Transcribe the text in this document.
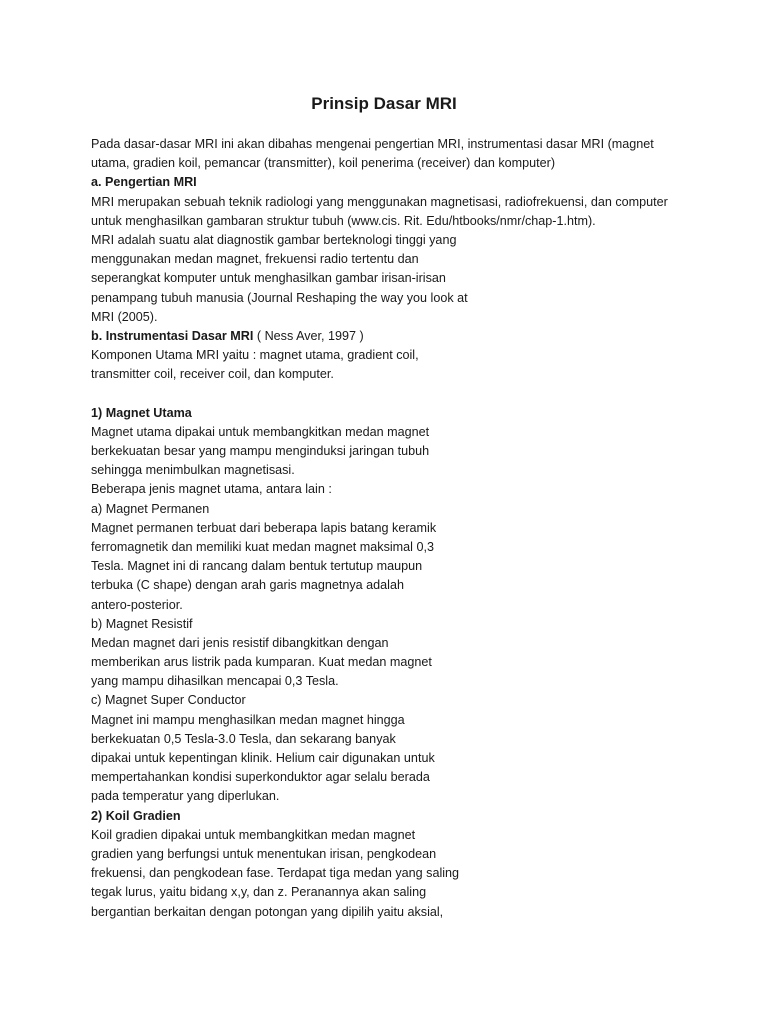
Prinsip Dasar MRI
Pada dasar-dasar MRI ini akan dibahas mengenai pengertian MRI, instrumentasi dasar MRI (magnet
utama, gradien koil, pemancar (transmitter), koil penerima (receiver) dan komputer)
a. Pengertian MRI
MRI merupakan sebuah teknik radiologi yang menggunakan magnetisasi, radiofrekuensi, dan computer
untuk menghasilkan gambaran struktur tubuh (www.cis. Rit. Edu/htbooks/nmr/chap-1.htm).
MRI adalah suatu alat diagnostik gambar berteknologi tinggi yang
menggunakan medan magnet, frekuensi radio tertentu dan
seperangkat komputer untuk menghasilkan gambar irisan-irisan
penampang tubuh manusia (Journal Reshaping the way you look at
MRI (2005).
b. Instrumentasi Dasar MRI ( Ness Aver, 1997 )
Komponen Utama MRI yaitu : magnet utama, gradient coil,
transmitter coil, receiver coil, dan komputer.
1) Magnet Utama
Magnet utama dipakai untuk membangkitkan medan magnet
berkekuatan besar yang mampu menginduksi jaringan tubuh
sehingga menimbulkan magnetisasi.
Beberapa jenis magnet utama, antara lain :
a) Magnet Permanen
Magnet permanen terbuat dari beberapa lapis batang keramik
ferromagnetik dan memiliki kuat medan magnet maksimal 0,3
Tesla. Magnet ini di rancang dalam bentuk tertutup maupun
terbuka (C shape) dengan arah garis magnetnya adalah
antero-posterior.
b) Magnet Resistif
Medan magnet dari jenis resistif dibangkitkan dengan
memberikan arus listrik pada kumparan. Kuat medan magnet
yang mampu dihasilkan mencapai 0,3 Tesla.
c) Magnet Super Conductor
Magnet ini mampu menghasilkan medan magnet hingga
berkekuatan 0,5 Tesla-3.0 Tesla, dan sekarang banyak
dipakai untuk kepentingan klinik. Helium cair digunakan untuk
mempertahankan kondisi superkonduktor agar selalu berada
pada temperatur yang diperlukan.
2) Koil Gradien
Koil gradien dipakai untuk membangkitkan medan magnet
gradien yang berfungsi untuk menentukan irisan, pengkodean
frekuensi, dan pengkodean fase. Terdapat tiga medan yang saling
tegak lurus, yaitu bidang x,y, dan z. Peranannya akan saling
bergantian berkaitan dengan potongan yang dipilih yaitu aksial,
